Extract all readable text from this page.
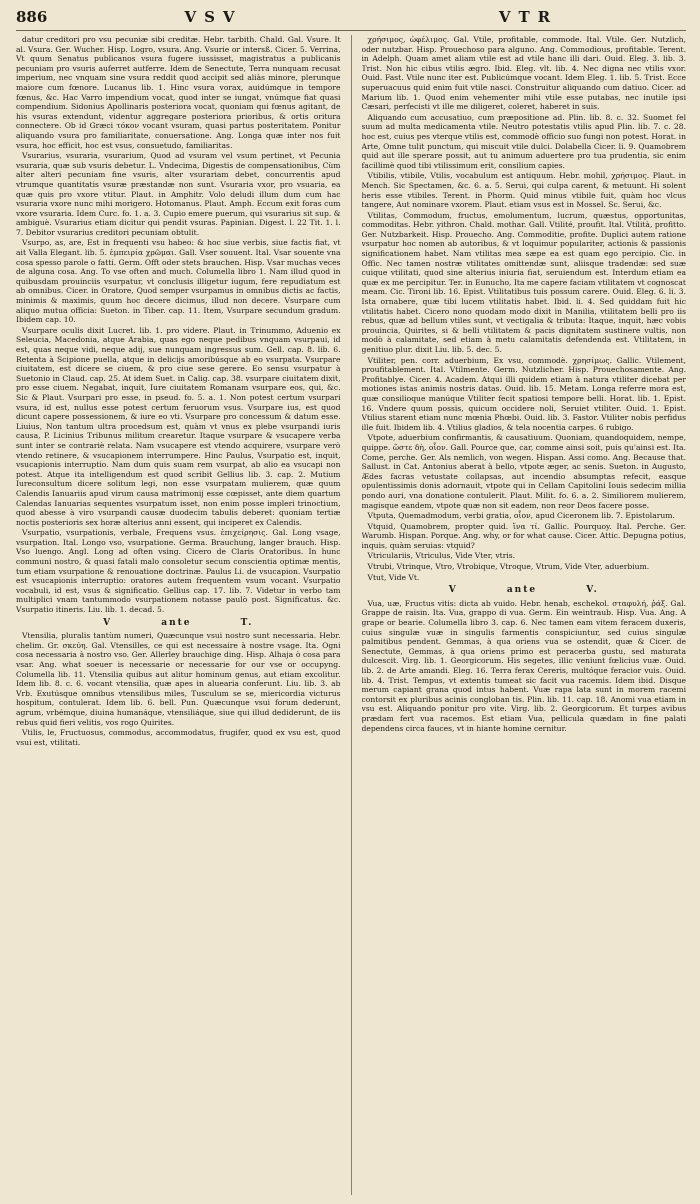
886	VSV	VTR

datur creditori pro vsu pecuniæ sibi creditæ. Hebr. tarbith. Chald. Gal. Vsure. It al. Vsura. Ger. Wucher. Hisp. Logro, vsura. Ang. Vsurie or intersß. Cicer. 5. Verrina, Vt quum Senatus publicanos vsura fugere iussisset, magistratus a publicanis pecuniam pro vsuris auferret autferre. Idem de Senectute, Terra nunquam recusat imperium, nec vnquam sine vsura reddit quod accipit sed aliàs minore, plerunque maiore cum fœnore. Lucanus lib. 1. Hinc vsura vorax, auidúmque in tempore fœnus, &c. Hac Varro impendium vocat, quod inter se iungat, vnúmque fiat quasi compendium. Sidonius Apollinaris posteriora vocat, quoniam qui fœnus agitant, de his vsuras extendunt, videntur aggregare posteriora prioribus, & ortis oritura connectere. Ob id Græci τόκον vocant vsuram, quasi partus posteritatem. Ponitur aliquando vsura pro familiaritate, conuersatione. Ang. Longa quæ inter nos fuit vsura, hoc efficit, hoc est vsus, consuetudo, familiaritas.

Vsurarius, vsuraria, vsurarium, Quod ad vsuram vel vsum pertinet, vt Pecunia vsuraria, quæ sub vsuris debetur. L. Vndecima, Digestis de compensationibus, Cùm alter alteri pecuniam fine vsuris, alter vsurariam debet, concurrentis apud vtrumque quantitatis vsuræ præstandæ non sunt. Vsuraria vxor, pro vsuaria, ea quæ quis pro vxore vtitur. Plaut. in Amphitr. Volo deludi illum dum cum hac vsuraria vxore nunc mihi morigero. Hotomanus. Plaut. Amph. Eccum exit foras cum vxore vsuraria. Idem Curc. fo. 1. a. 3. Cupio emere puerum, qui vsurarius sit sup. & ambiguè. Vsurarius etiam dicitur qui pendit vsuras. Papinian. Digest. l. 22 Tit. 1. l. 7. Debitor vsurarius creditori pecuniam obtulit.

Vsurpo, as, are, Est in frequenti vsu habeo: & hoc siue verbis, siue factis fiat, vt ait Valla Elegant. lib. 5. ἐμπειρία χρῶμαι. Gall. Vser souuent. Ital. Vsar souente vna cosa spesso parole o fatti. Germ. Offt oder stets brauchen. Hisp. Vsar muchas veces de alguna cosa. Ang. To vse often and much. Columella libro 1. Nam illud quod in quibusdam prouinciis vsurpatur, vt conclusis illigetur iugum, fere repudiatum est ab omnibus. Cicer. in Oratore, Quod semper vsurpamus in omnibus dictis ac factis, minimis & maximis, quum hoc decere dicimus, illud non decere. Vsurpare cum aliquo mutua officia: Sueton. in Tiber. cap. 11. Item, Vsurpare secundum gradum. Ibidem cap. 10.

Vsurpare oculis dixit Lucret. lib. 1. pro videre. Plaut. in Trinummo, Aduenio ex Seleucia, Macedonia, atque Arabia, quas ego neque pedibus vnquam vsurpaui, id est, quas neque vidi, neque adij, sue nunquam ingressus sum. Gell. cap. 8. lib. 6. Retenta à Scipione puella, atque in delicijs amoribúsque ab eo vsurpata. Vsurpare ciuitatem, est dicere se ciuem, & pro ciue sese gerere. Eo sensu vsurpatur à Suetonio in Claud. cap. 25. At idem Suet. in Calig. cap. 38. vsurpare ciuitatem dixit, pro esse ciuem. Negabat, inquit, Iure ciuitatem Romanam vsurpare eos, qui, &c. Sic & Plaut. Vsurpari pro esse, in pseud. fo. 5. a. 1. Non potest certum vsurpari vsura, id est, nullus esse potest certum feruorum vsus. Vsurpare ius, est quod dicunt capere possessionem, & iure eo vti. Vsurpare pro concessum & datum esse. Liuius, Non tantum ultra procedsum est, quàm vt vnus ex plebe vsurpandi iuris causa, P. Licinius Tribunus militum crearetur. Itaque vsurpare & vsucapere verba sunt inter se contrariè relata. Nam vsucapere est vtendo acquirere, vsurpare verò vtendo retinere, & vsucapionem interrumpere. Hinc Paulus, Vsurpatio est, inquit, vsucapionis interruptio. Nam dum quis suam rem vsurpat, ab alio ea vsucapi non potest. Atque ita intelligendum est quod scribit Gellius lib. 3. cap. 2. Mutium Iureconsultum dicere solitum legi, non esse vsurpatam mulierem, quæ quum Calendis Ianuariis apud virum causa matrimonij esse cœpisset, ante diem quartum Calendas Ianuarias sequentes vsurpatum isset, non enim posse impleri trinoctium, quod abesse à viro vsurpandi causæ duodecim tabulis deberet: quoniam tertiæ noctis posterioris sex horæ alterius anni essent, qui inciperet ex Calendis.

Vsurpatio, vsurpationis, verbale, Frequens vsus. ἐπιχείρησις. Gal. Long vsage, vsurpation. Ital. Longo vso, vsurpatione. Germa. Brauchung, langer brauch. Hisp. Vso luengo. Angl. Long ad often vsing. Cicero de Claris Oratoribus. In hunc communi nostro, & quasi fatali malo consoletur secum conscientia optimæ mentis, tum etiam vsurpatione & renouatione doctrinæ. Paulus Li. de vsucapion. Vsurpatio est vsucapionis interruptio: oratores autem frequentem vsum vocant. Vsurpatio vocabuli, id est, vsus & significatio. Gellius cap. 17. lib. 7. Videtur in verbo tam multiplici vnam tantummodo vsurpationem notasse paulò post. Significatus. &c. Vsurpatio itineris. Liu. lib. 1. decad. 5.

V	ante	T.

Vtensilia, pluralis tantùm numeri, Quæcunque vsui nostro sunt necessaria. Hebr. chelim. Gr. σκεύη. Gal. Vtensilles, ce qui est necessaire à nostre vsage. Ita. Ogni cosa necessaria à nostro vso. Ger. Allerley brauchige ding. Hisp. Alhaja ò cosa para vsar. Ang. what soeuer is necessarie or necessarie for our vse or occupyng. Columella lib. 11. Vtensilia quibus aut alitur hominum genus, aut etiam excolitur. Idem lib. 8. c. 6. vocant vtensilia, quæ apes in aluearia conferunt. Liu. lib. 3. ab Vrb. Exutúsque omnibus vtensilibus miles, Tusculum se se, miericordia victurus hospitum, contulerat. Idem lib. 6. bell. Pun. Quæcunque vsui forum dederunt, agrum, vrbémque, diuina humanáque, vtensiliáque, siue qui illud dediderunt, de iis rebus quid fieri velitis, vos rogo Quirites.

Vtilis, le, Fructuosus, commodus, accommodatus, frugifer, quod ex vsu est, quod vsui est, vtilitati.

χρήσιμος, ὠφέλιμος. Gal. Vtile, profitable, commode. Ital. Vtile. Ger. Nutzlich, oder nutzbar. Hisp. Prouechoso para alguno. Ang. Commodious, profitable. Terent. in Adelph. Quam amet aliam vtile est ad vtile hanc illi dari. Ouid. Eleg. 3. lib. 3. Trist. Non hic cibus vtilis ægro. Ibid. Eleg. vlt. lib. 4. Nec digna nec vtilis vxor. Ouid. Fast. Vtile nunc iter est. Publicúmque vocant. Idem Eleg. 1. lib. 5. Trist. Ecce superuacuus quid enim fuit vtile nasci. Construitur aliquando cum datiuo. Cicer. ad Marium lib. 1. Quod enim vehementer mihi vtile esse putabas, nec inutile ipsi Cæsari, perfecisti vt ille me diligeret, coleret, haberet in suis.

Aliquando cum accusatiuo, cum præpositione ad. Plin. lib. 8. c. 32. Suomet fel suum ad multa medicamenta vtile. Neutro potestatis vtilis apud Plin. lib. 7. c. 28. hoc est, cuius pes vterque vtilis est, commodè officio suo fungi non potest. Horat. in Arte, Omne tulit punctum, qui miscuit vtile dulci. Dolabella Cicer. li. 9. Quamobrem quid aut ille sperare possit, aut tu animum aduertere pro tua prudentia, sic enim facillimè quod tibi vtilissimum erit, consilium capies.

Vtibilis, vtibile, Vtilis, vocabulum est antiquum. Hebr. mohil, χρήσιμος. Plaut. in Mench. Sic Spectamen, &c. 6. a. 5. Serui, qui culpa carent, & metuunt. Hi solent heris esse vtibiles. Terent. in Phorm. Quid minus vtibile fuit, quàm hoc vlcus tangere, Aut nominare vxorem. Plaut. etiam vsus est in Mossel. Sc. Serui, &c.

Vtilitas, Commodum, fructus, emolumentum, lucrum, quæstus, opportunitas, commoditas. Hebr. yithron. Chald. mothar. Gall. Vtilité, proufit. Ital. Vtilità, profitto. Ger. Nutzbarkeit. Hisp. Prouecho. Ang. Commoditie, profite. Duplici autem ratione vsurpatur hoc nomen ab autoribus, & vt loquimur populariter, actionis & passionis significationem habet. Nam vtilitas mea sæpe ea est quam ego percipio. Cic. in Offic. Nec tamen nostræ vtilitates omittendæ sunt, aliisque tradendæ: sed suæ cuique vtilitati, quod sine alterius iniuria fiat, seruiendum est. Interdum etiam ea quæ ex me percipitur. Ter. in Eunucho, Ita me capere faciam vtilitatem vt cognoscat meam. Cic. Tironi lib. 16. Epist. Vtilitatibus tuis possum carere. Ouid. Eleg. 6. li. 3. Ista ornabere, quæ tibi lucem vtilitatis habet. Ibid. li. 4. Sed quiddam fuit hic vtilitatis habet. Cicero nono quodam modo dixit in Manilia, vtilitatem belli pro iis rebus, quæ ad bellum vtiles sunt, vt vectigalia & tributa: Itaque, inquit, hæc vobis prouincia, Quirites, si & belli vtilitatem & pacis dignitatem sustinere vultis, non modò à calamitate, sed etiam à metu calamitatis defendenda est. Vtilitatem, in genitiuo plur. dixit Liu. lib. 5. dec. 5.

Vtiliter, pen. corr. aduerbium, Ex vsu, commodè. χρησίμως. Gallic. Vtilement, proufitablement. Ital. Vtilmente. Germ. Nutzlicher. Hisp. Prouechosamente. Ang. Profitablye. Cicer. 4. Academ. Atqui illi quidem etiam à natura vtiliter dicebat per motiones istas animis nostris datas. Ouid. lib. 15. Metam. Longa referre mora est, quæ consilioque manúque Vtiliter fecit spatiosi tempore belli. Horat. lib. 1. Epist. 16. Vndere quum possis, quicum occidere noli, Seruiet vtiliter. Ouid. 1. Epist. Vtilius starent etiam nunc mœnia Phœbi. Ouid. lib. 3. Fastor. Vtiliter nobis perfidus ille fuit. Ibidem lib. 4. Vtilius gladios, & tela nocentia carpes. 6 rubigo.

Vtpote, aduerbium confirmantis, & causatiuum. Quoniam, quandoquidem, nempe, quippe. ὥστε δὴ, οἷον. Gall. Pource que, car, comme ainsi soit, puis qu'ainsi est. Ita. Come, perche. Ger. Als nemlich, von wegen. Hispan. Assi como. Ang. Because that. Sallust. in Cat. Antonius aberat à bello, vtpote æger, ac senis. Sueton. in Augusto, Ædes facras vetustate collapsas, aut incendio absumptas refecit, easque opulentissimis donis adornauit, vtpote qui in Cellam Capitolini Iouis sedecim millia pondo auri, vna donatione contulerit. Plaut. Milit. fo. 6. a. 2. Similiorem mulierem, magisque eandem, vtpote quæ non sit eadem, non reor Deos facere posse.

Vtputa, Quemadmodum, verbi gratia, οἷον, apud Ciceronem lib. 7. Epistolarum.

Vtquid, Quamobrem, propter quid. ἵνα τί. Gallic. Pourquoy. Ital. Perche. Ger. Warumb. Hispan. Porque. Ang. why, or for what cause. Cicer. Attic. Depugna potius, inquis, quàm seruias: vtquid?

Vtriculariis, Vtriculus, Vide Vter, vtris.

Vtrubi, Vtrinque, Vtro, Vtrobique, Vtroque, Vtrum, Vide Vter, aduerbium.

Vtut, Vide Vt.

V	ante	V.

Vua, uæ, Fructus vitis: dicta ab vuido. Hebr. henab, eschekol. σταφυλή, ῥάξ. Gal. Grappe de raisin. Ita. Vua, grappo di vua. Germ. Ein weintraub. Hisp. Vua. Ang. A grape or bearie. Columella libro 3. cap. 6. Nec tamen eam vitem feracem duxeris, cuius singulæ vuæ in singulis farmentis conspiciuntur, sed cuius singulæ palmitibus pendent. Gemmas, à qua oriens vua se ostendit, quæ & Cicer. de Senectute, Gemmas, à qua oriens primo est peracerba gustu, sed maturata dulcescit. Virg. lib. 1. Georgicorum. His segetes, illic veniunt fœlicius vuæ. Ouid. lib. 2. de Arte amandi. Eleg. 16. Terra ferax Cereris, multóque feracior vuis. Ouid. lib. 4. Trist. Tempus, vt extentis tumeat sic facit vua racemis. Idem ibid. Disque merum capiant grana quod intus habent. Vuæ rapa lata sunt in morem racemi contorsit ex pluribus acinis congloban tis. Plin. lib. 11. cap. 18. Anomi vua etiam in vsu est. Aliquando ponitur pro vite. Virg. lib. 2. Georgicorum. Et turpes avibus prædam fert vua racemos. Est etiam Vua, pellicula quædam in fine palati dependens circa fauces, vt in hiante homine cernitur.
